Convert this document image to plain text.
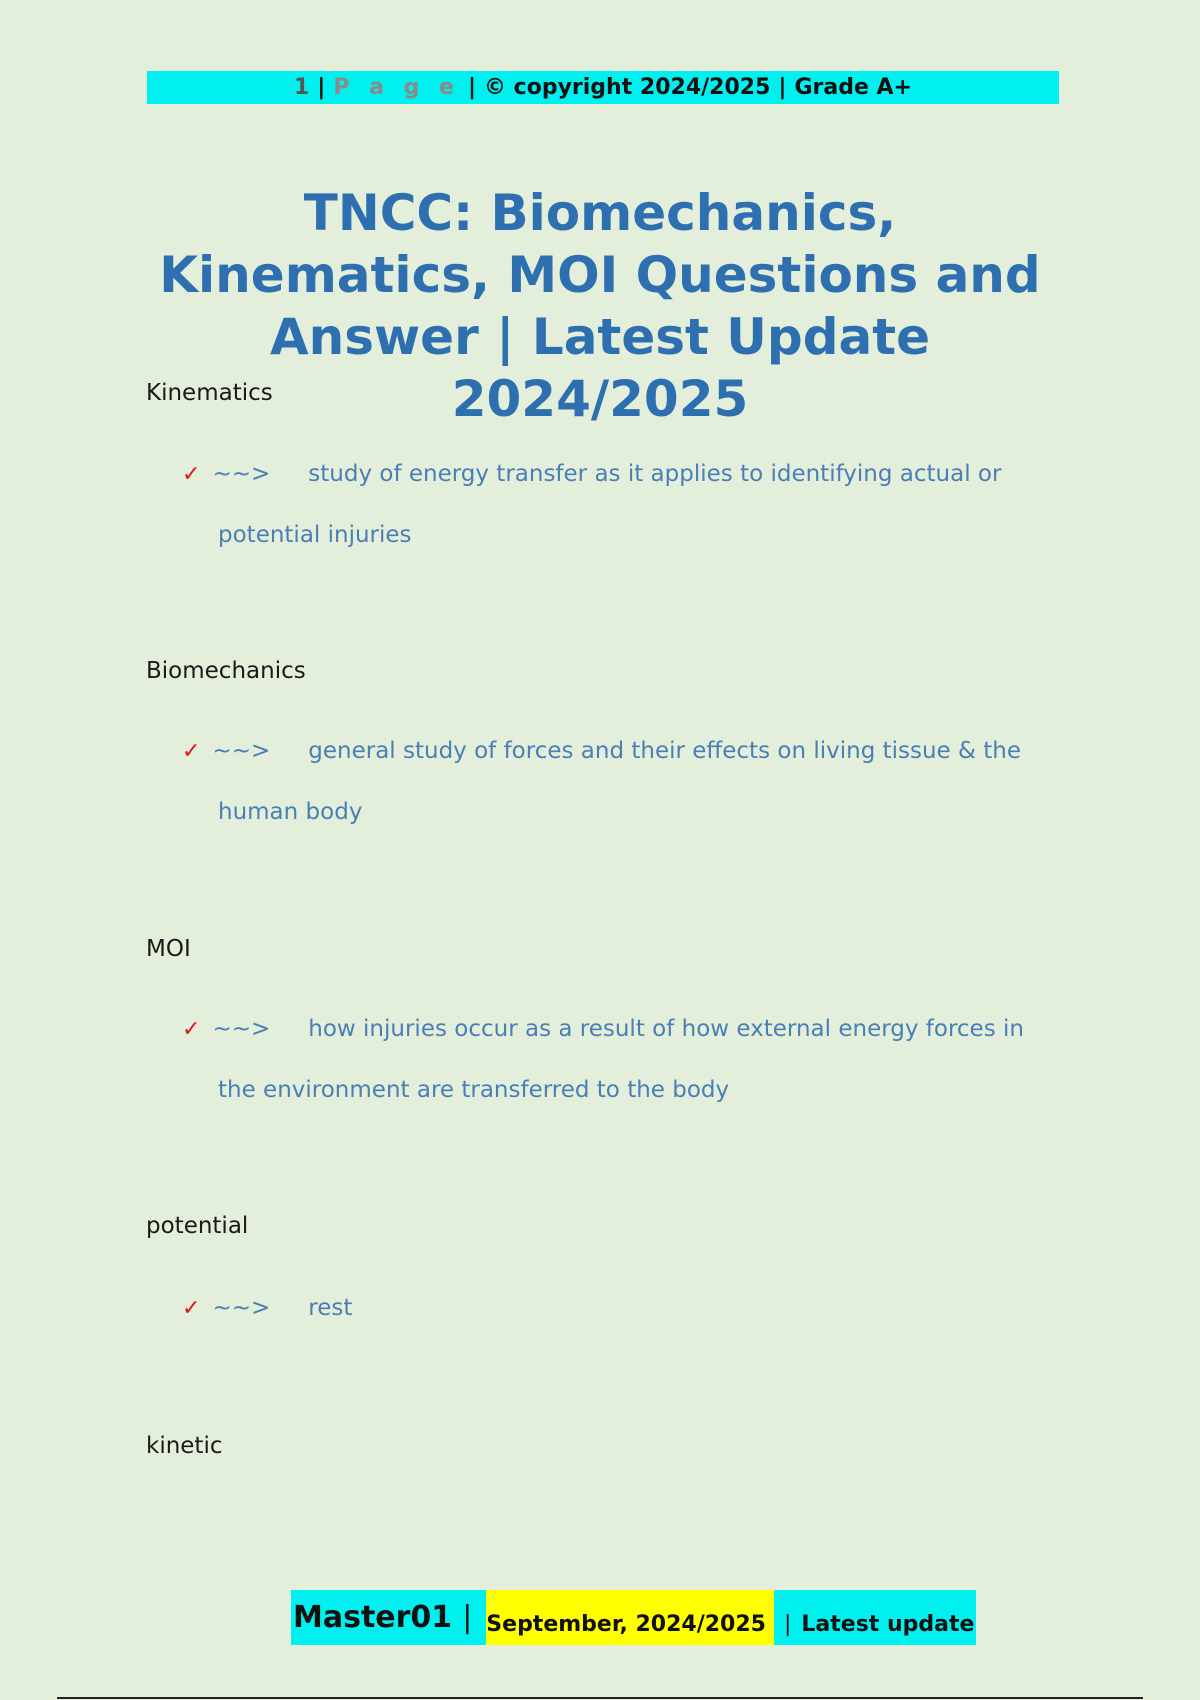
1 | P a g e | © copyright 2024/2025 | Grade A+
TNCC: Biomechanics, Kinematics, MOI Questions and Answer | Latest Update 2024/2025
Kinematics
✓ ~~> study of energy transfer as it applies to identifying actual or
potential injuries
Biomechanics
✓ ~~> general study of forces and their effects on living tissue & the
human body
MOI
✓ ~~> how injuries occur as a result of how external energy forces in
the environment are transferred to the body
potential
✓ ~~> rest
kinetic
Master01 | September, 2024/2025 | Latest update
